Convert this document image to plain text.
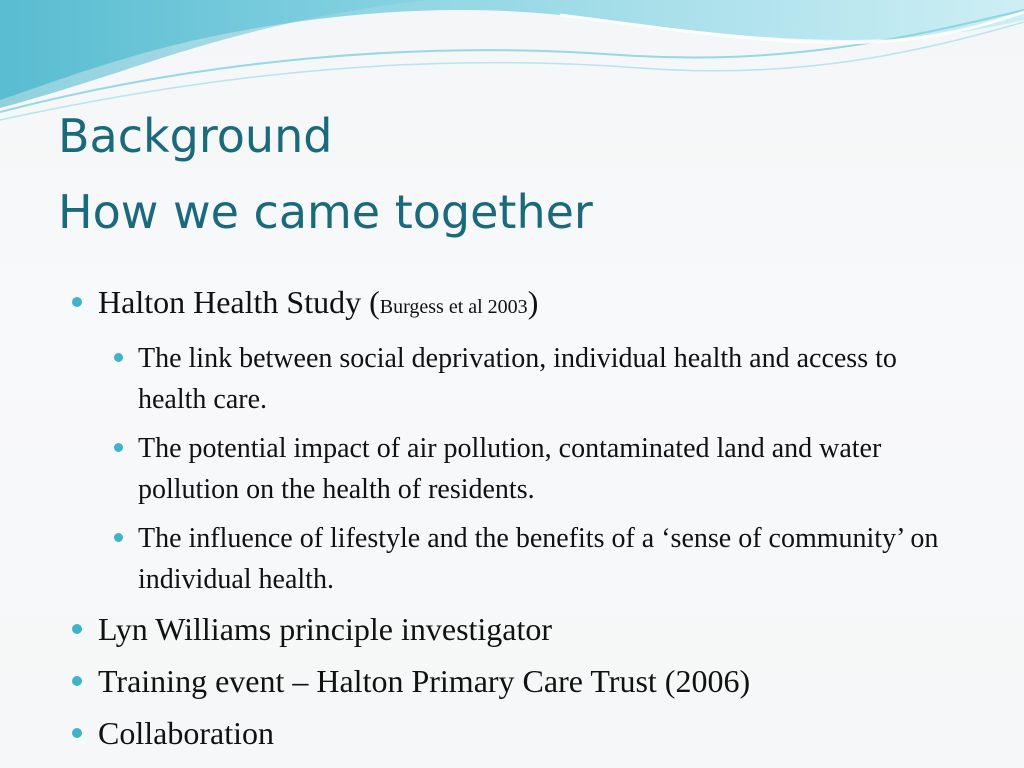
Background
How we came together
Halton Health Study (Burgess et al 2003)
The link between social deprivation, individual health and access to health care.
The potential impact of air pollution, contaminated land and water pollution on the health of residents.
The influence of lifestyle and the benefits of a ‘sense of community’ on individual health.
Lyn Williams principle investigator
Training event – Halton Primary Care Trust (2006)
Collaboration
